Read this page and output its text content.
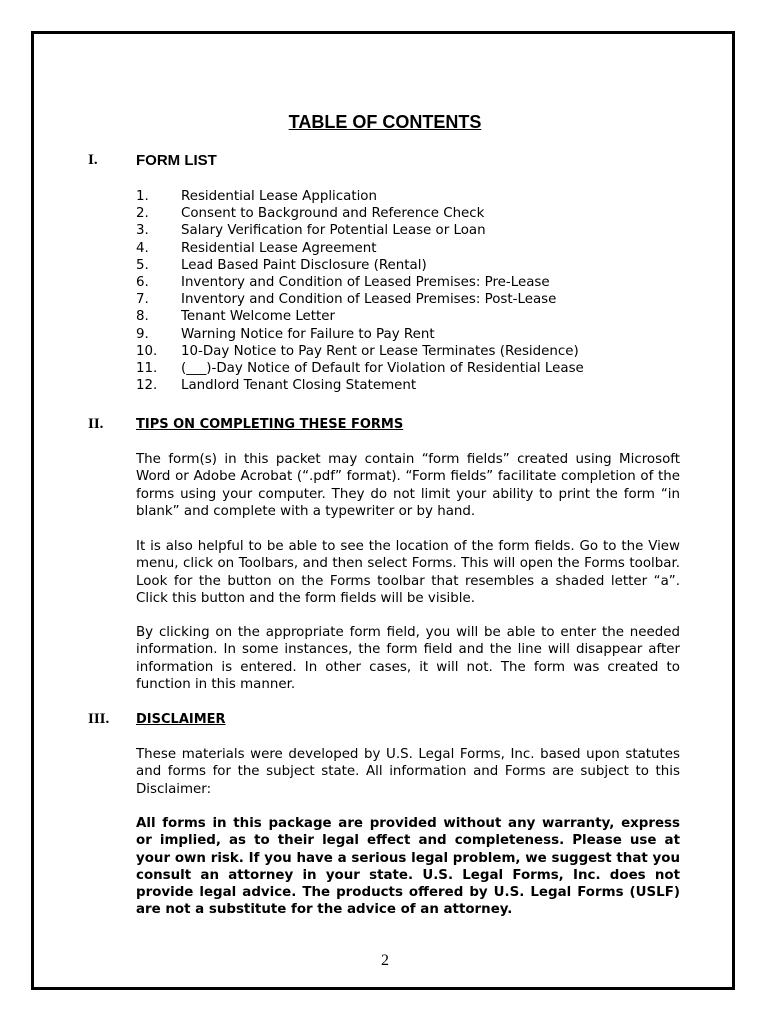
TABLE OF CONTENTS
I.	FORM LIST
1. Residential Lease Application
2. Consent to Background and Reference Check
3. Salary Verification for Potential Lease or Loan
4. Residential Lease Agreement
5. Lead Based Paint Disclosure (Rental)
6. Inventory and Condition of Leased Premises: Pre-Lease
7. Inventory and Condition of Leased Premises: Post-Lease
8. Tenant Welcome Letter
9. Warning Notice for Failure to Pay Rent
10. 10-Day Notice to Pay Rent or Lease Terminates (Residence)
11. (___)-Day Notice of Default for Violation of Residential Lease
12. Landlord Tenant Closing Statement
II.	TIPS ON COMPLETING THESE FORMS

The form(s) in this packet may contain “form fields” created using Microsoft Word or Adobe Acrobat (“.pdf” format). “Form fields” facilitate completion of the forms using your computer. They do not limit your ability to print the form “in blank” and complete with a typewriter or by hand.

It is also helpful to be able to see the location of the form fields. Go to the View menu, click on Toolbars, and then select Forms. This will open the Forms toolbar. Look for the button on the Forms toolbar that resembles a shaded letter “a”. Click this button and the form fields will be visible.

By clicking on the appropriate form field, you will be able to enter the needed information. In some instances, the form field and the line will disappear after information is entered. In other cases, it will not. The form was created to function in this manner.

III. DISCLAIMER

These materials were developed by U.S. Legal Forms, Inc. based upon statutes and forms for the subject state. All information and Forms are subject to this Disclaimer:

All forms in this package are provided without any warranty, express or implied, as to their legal effect and completeness. Please use at your own risk. If you have a serious legal problem, we suggest that you consult an attorney in your state. U.S. Legal Forms, Inc. does not provide legal advice. The products offered by U.S. Legal Forms (USLF) are not a substitute for the advice of an attorney.

2
